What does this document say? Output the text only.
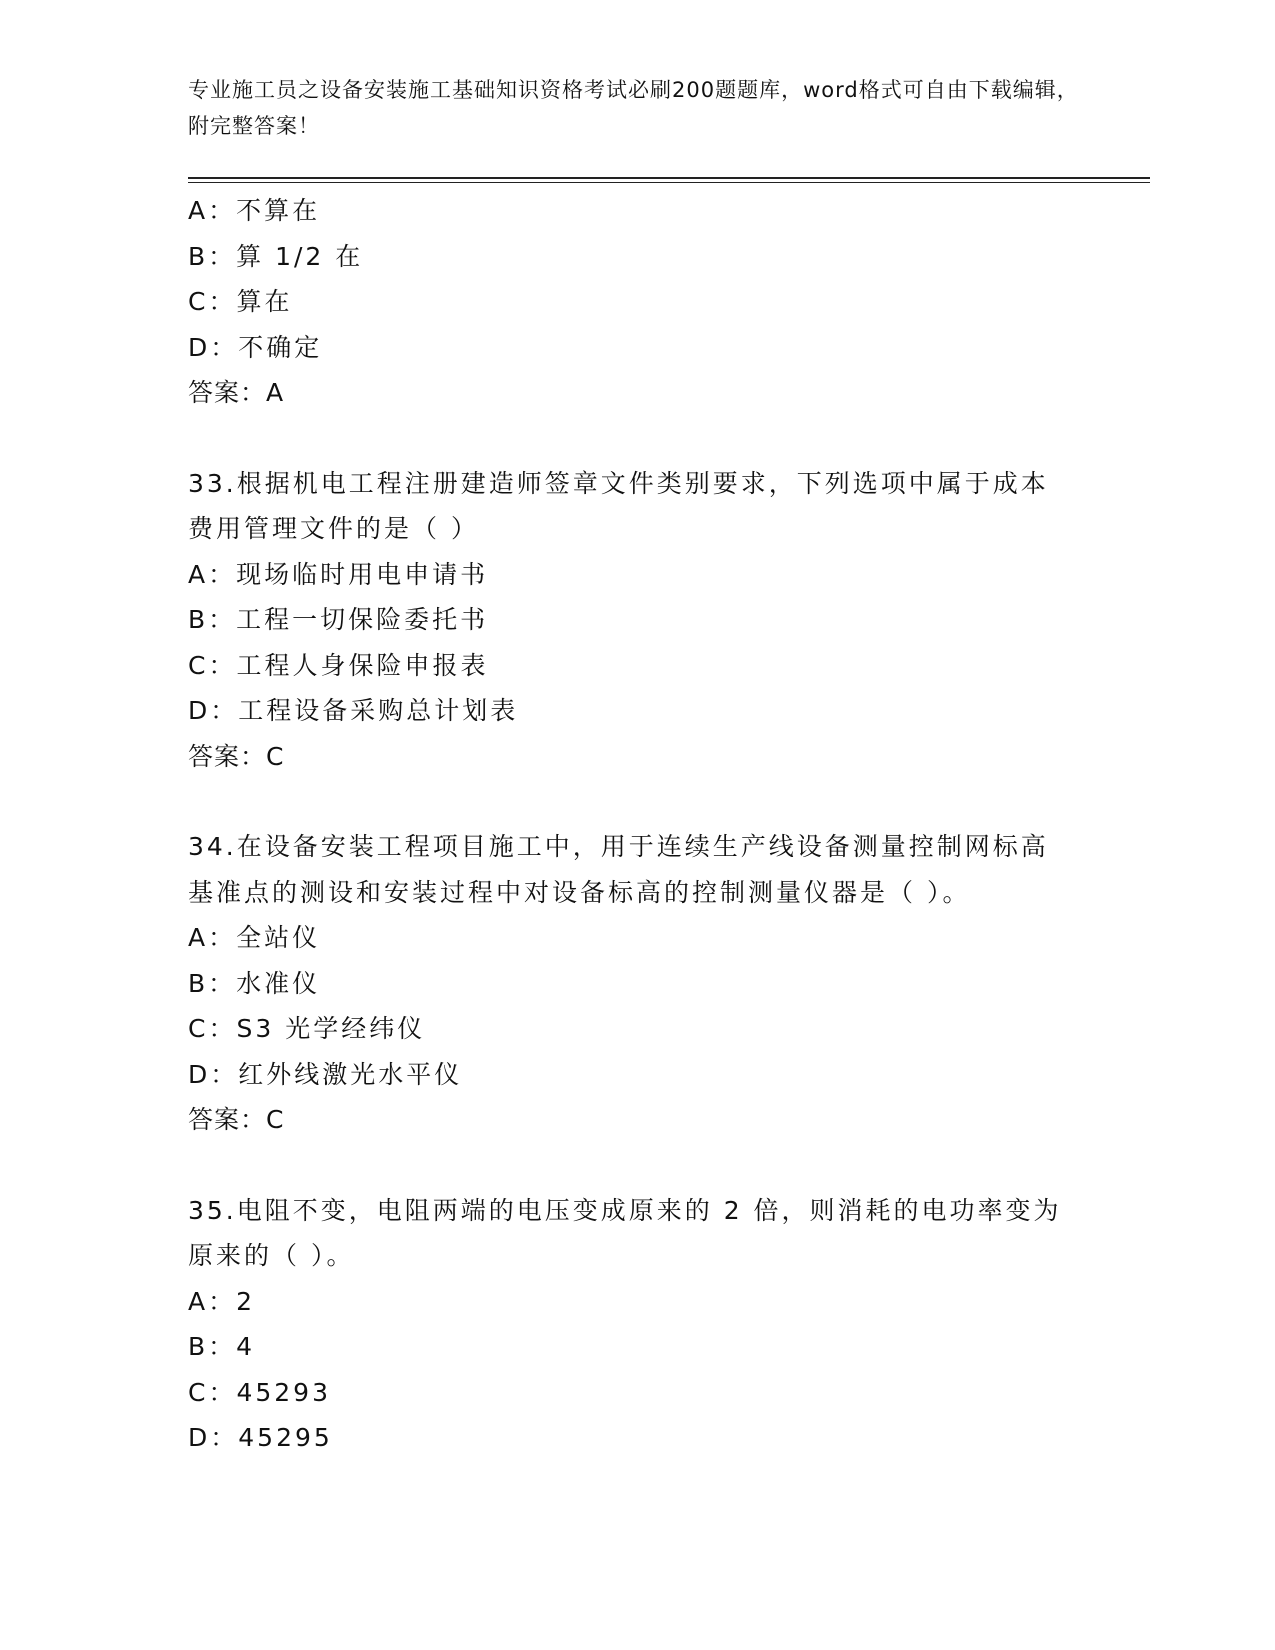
专业施工员之设备安装施工基础知识资格考试必刷200题题库，word格式可自由下载编辑，附完整答案！
A：不算在
B：算 1/2 在
C：算在
D：不确定
答案：A
33.根据机电工程注册建造师签章文件类别要求，下列选项中属于成本
费用管理文件的是（ ）
A：现场临时用电申请书
B：工程一切保险委托书
C：工程人身保险申报表
D：工程设备采购总计划表
答案：C
34.在设备安装工程项目施工中，用于连续生产线设备测量控制网标高
基准点的测设和安装过程中对设备标高的控制测量仪器是（ ）。
A：全站仪
B：水准仪
C：S3 光学经纬仪
D：红外线激光水平仪
答案：C
35.电阻不变，电阻两端的电压变成原来的 2 倍，则消耗的电功率变为
原来的（ ）。
A：2
B：4
C：45293
D：45295
